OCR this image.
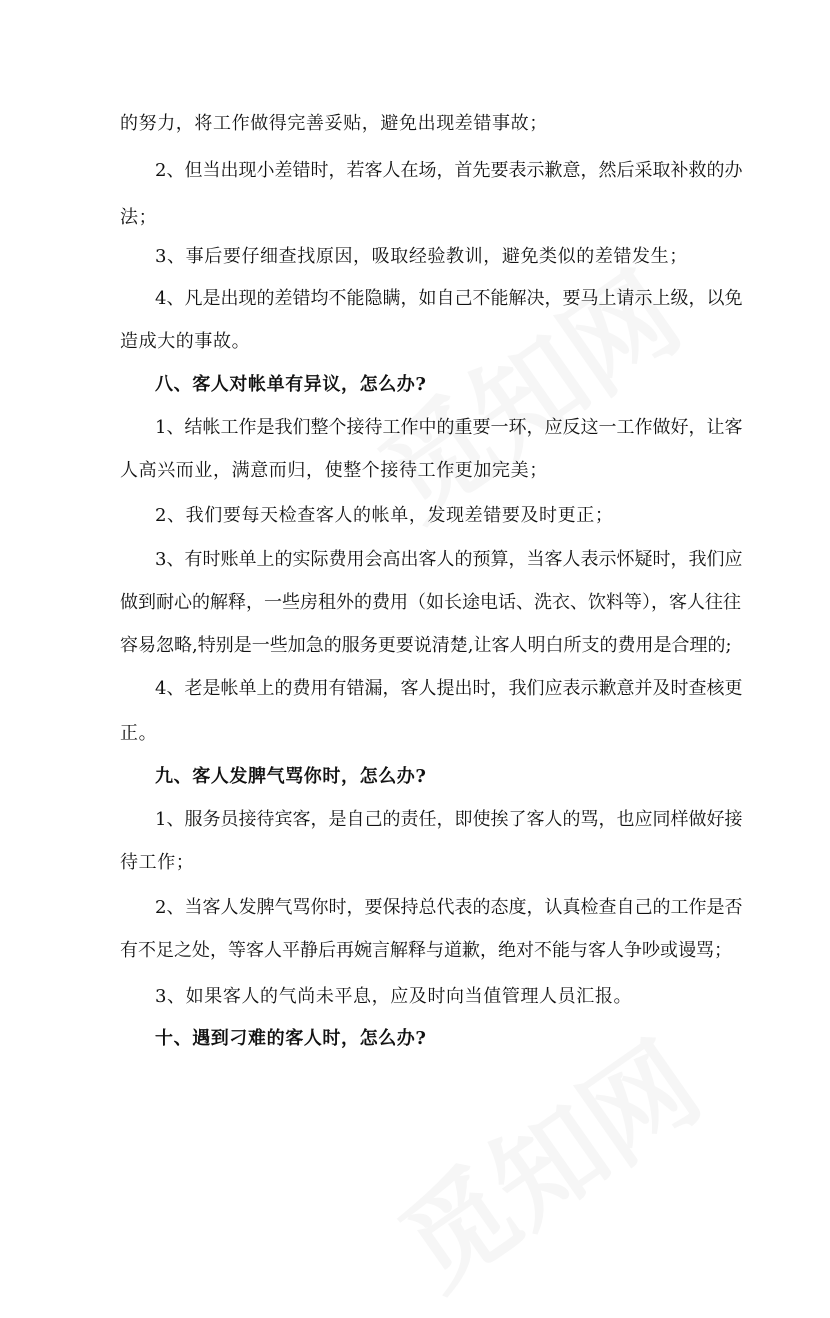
的努力，将工作做得完善妥贴，避免出现差错事故；
2、但当出现小差错时，若客人在场，首先要表示歉意，然后采取补救的办
法；
3、事后要仔细查找原因，吸取经验教训，避免类似的差错发生；
4、凡是出现的差错均不能隐瞒，如自己不能解决，要马上请示上级，以免
造成大的事故。
八、客人对帐单有异议，怎么办?
1、结帐工作是我们整个接待工作中的重要一环，应反这一工作做好，让客
人高兴而业，满意而归，使整个接待工作更加完美；
2、我们要每天检查客人的帐单，发现差错要及时更正；
3、有时账单上的实际费用会高出客人的预算，当客人表示怀疑时，我们应
做到耐心的解释，一些房租外的费用（如长途电话、洗衣、饮料等），客人往往
容易忽略,特别是一些加急的服务更要说清楚,让客人明白所支的费用是合理的;
4、老是帐单上的费用有错漏，客人提出时，我们应表示歉意并及时查核更
正。
九、客人发脾气骂你时，怎么办?
1、服务员接待宾客，是自己的责任，即使挨了客人的骂，也应同样做好接
待工作；
2、当客人发脾气骂你时，要保持总代表的态度，认真检查自己的工作是否
有不足之处，等客人平静后再婉言解释与道歉，绝对不能与客人争吵或谩骂；
3、如果客人的气尚未平息，应及时向当值管理人员汇报。
十、遇到刁难的客人时，怎么办?
